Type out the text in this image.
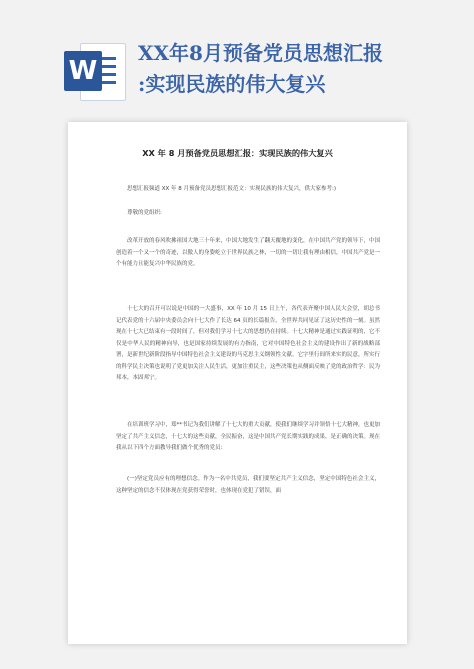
W
XX年8月预备党员思想汇报
:实现民族的伟大复兴
XX 年 8 月预备党员思想汇报：实现民族的伟大复兴
思想汇报频道 XX 年 8 月预备党员思想汇报范文：实现民族的伟大复兴，供大家参考:)
尊敬的党组织:
改革开放的春风吹拂祖国大地三十年来，中国大地发生了翻天覆地的变化，在中国共产党的领导下，中国创造着一个又一个的奇迹，以傲人的身姿屹立于世界民族之林，一切的一切让我有理由相信，中国共产党是一个有能力且能复兴中华民族的党。
十七大的召开可以说是中国的一大盛事，XX 年 10 月 15 日上午，各代表齐聚中国人民大会堂，胡总书记代表党的十六届中央委员会向十七大作了长达 64 页的长篇报告，全世界共同见证了这历史性的一刻。虽然现在十七大已结束有一段时间了，但对我们学习十七大的思想仍在持续。十七大精神是通过实践证明的，它不仅是中华人民的精神向导，也是国家持续发展的有力指南，它对中国特色社会主义的建设作出了新的战略部署，是新世纪新阶段指导中国特色社会主义建设的马克思主义纲领性文献。它字里行间所来实的民意，所实行的科学民主决策也说明了党更加关注人民生活，更加注重民主，这些决策也从侧面反映了党的政治哲学：民为邦本，本固邦宁。
在培训班学习中，郑**书记为我们讲解了十七大的重大贡献，使我们继续学习并领悟十七大精神，也更加坚定了共产主义信念，十七大的这些贡献，全民振奋，这是中国共产党长期实践的成果，是正确的决策。现在我从以下四个方面教导我们做个优秀的党员:
(一)坚定党员应有的理想信念。作为一名中共党员，我们要坚定共产主义信念，坚定中国特色社会主义，这种坚定的信念不仅体现在党获得荣誉时，也体现在党犯了错误，面
